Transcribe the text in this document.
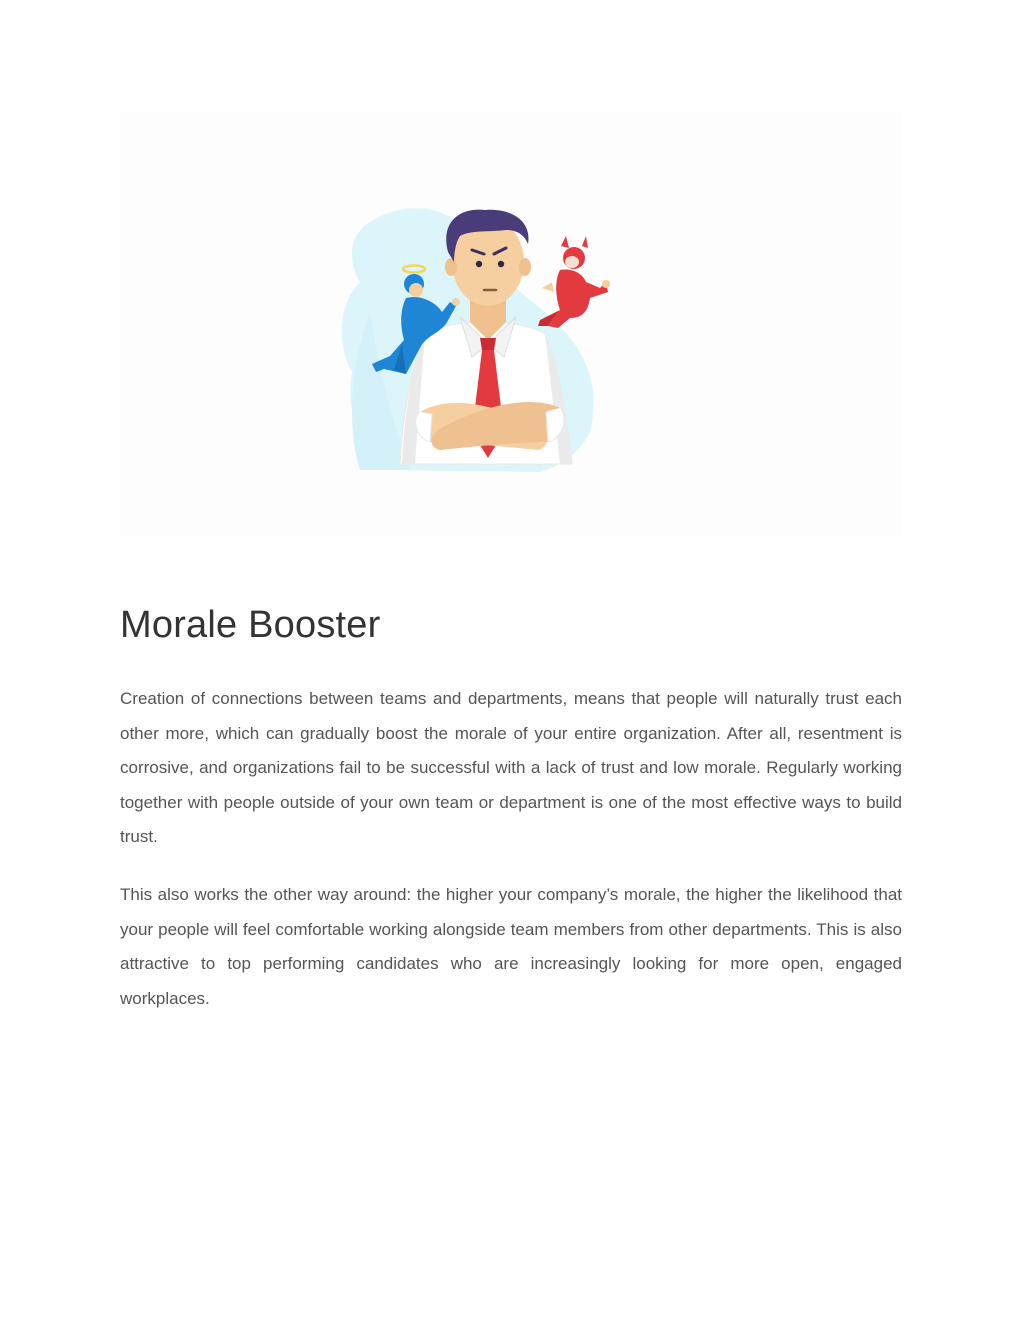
Morale Booster

Creation of connections between teams and departments, means that people will naturally trust each other more, which can gradually boost the morale of your entire organization. After all, resentment is corrosive, and organizations fail to be successful with a lack of trust and low morale. Regularly working together with people outside of your own team or department is one of the most effective ways to build trust.

This also works the other way around: the higher your company’s morale, the higher the likelihood that your people will feel comfortable working alongside team members from other departments. This is also attractive to top performing candidates who are increasingly looking for more open, engaged workplaces.
